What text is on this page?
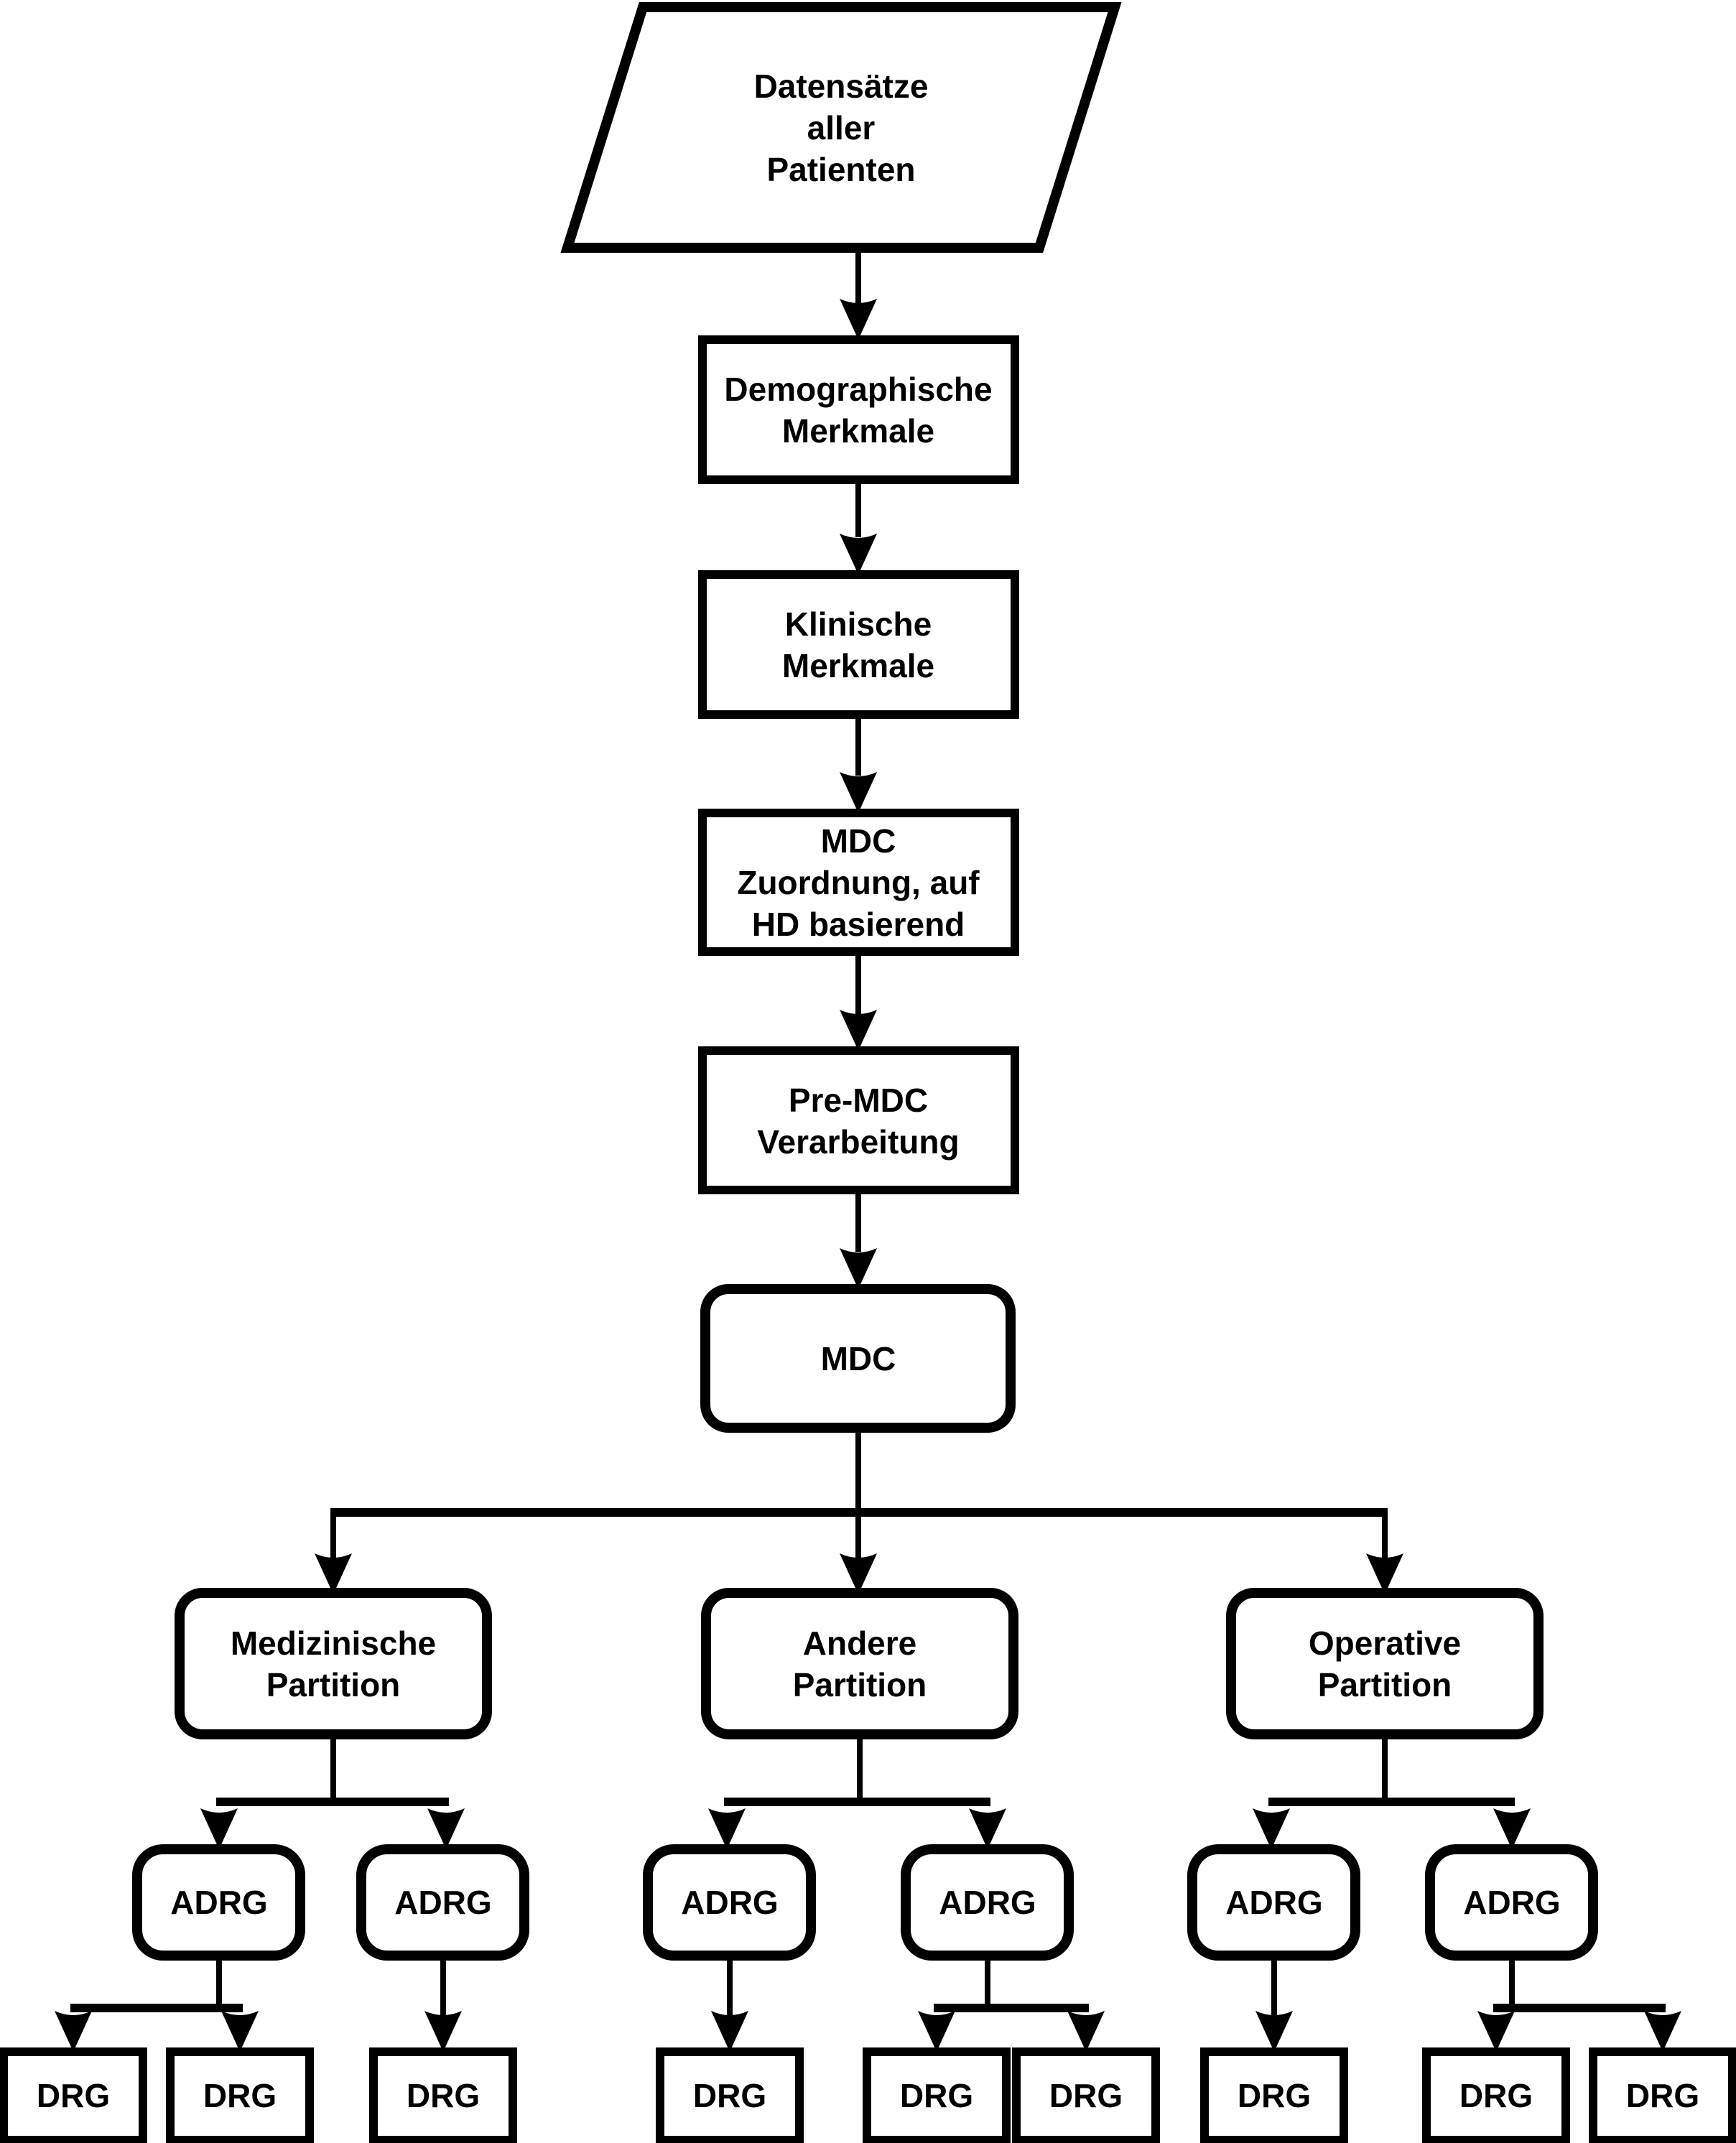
Datensätze
aller
Patienten
Demographische
Merkmale
Klinische
Merkmale
MDC
Zuordnung, auf
HD basierend
Pre-MDC
Verarbeitung
MDC
Medizinische
Partition
Andere
Partition
Operative
Partition
ADRG	ADRG	ADRG	ADRG	ADRG	ADRG
DRG	DRG	DRG	DRG	DRG DRG	DRG	DRG	DRG
